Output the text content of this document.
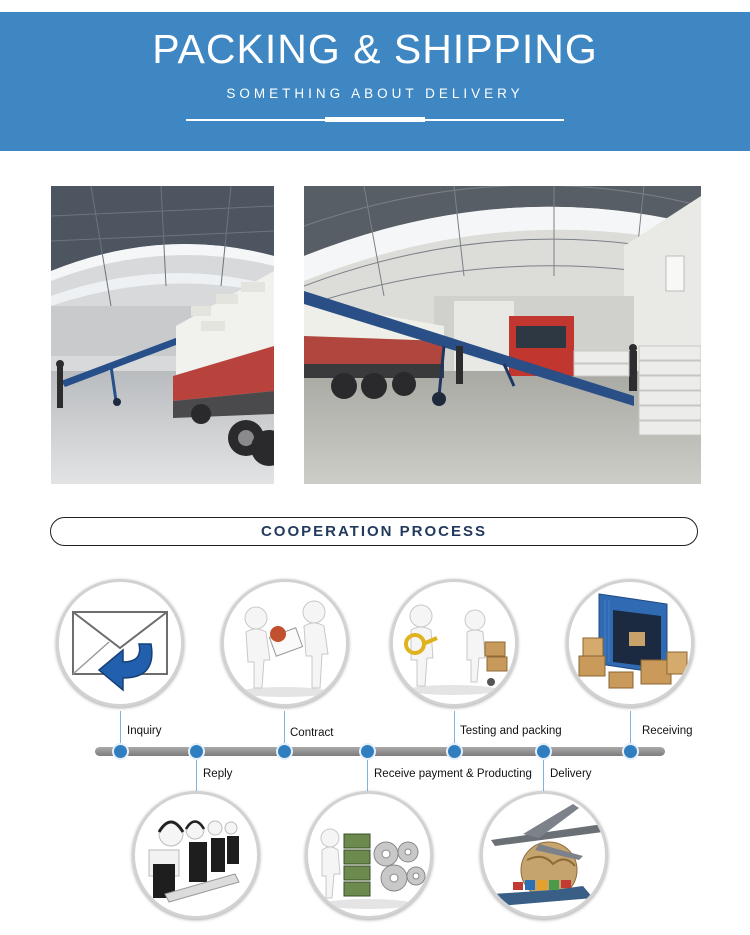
PACKING & SHIPPING
SOMETHING ABOUT DELIVERY
COOPERATION PROCESS
Inquiry	Contract	Testing and packing	Receiving
Reply	Receive payment & Producting Delivery
